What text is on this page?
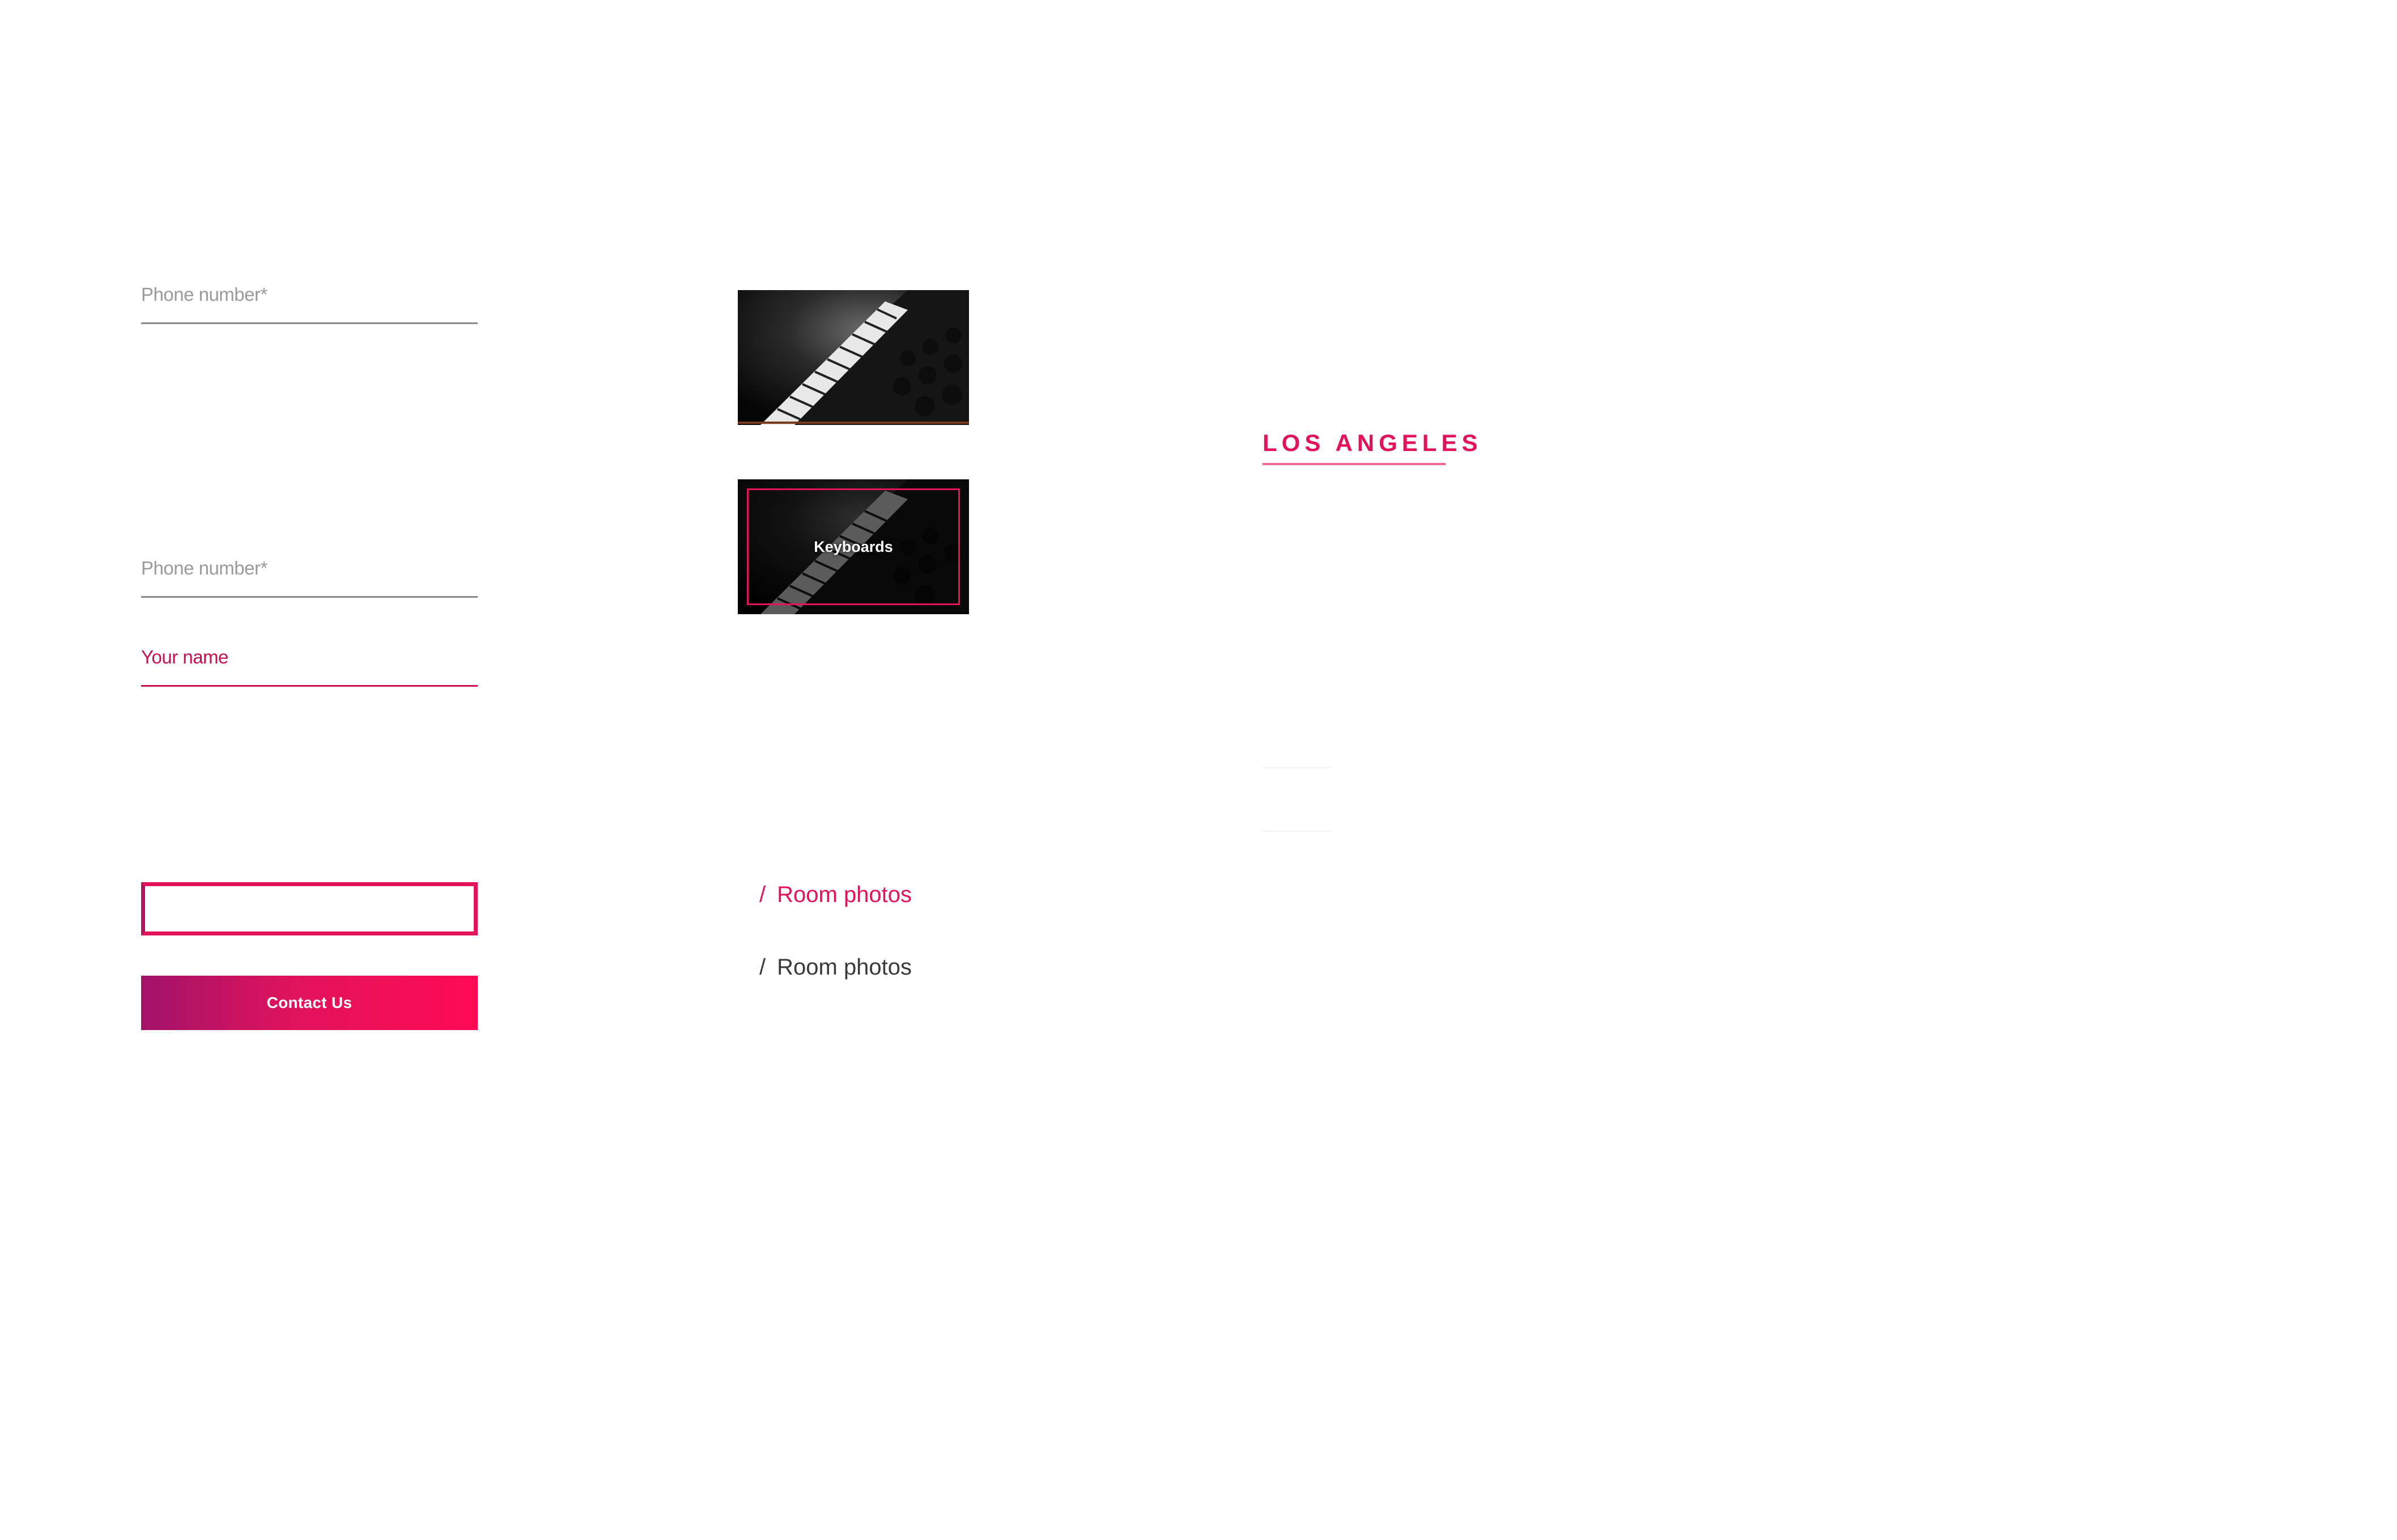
Phone number*
Phone number*
Your name
Contact Us
Keyboards
/ Room photos
/ Room photos
LOS ANGELES
